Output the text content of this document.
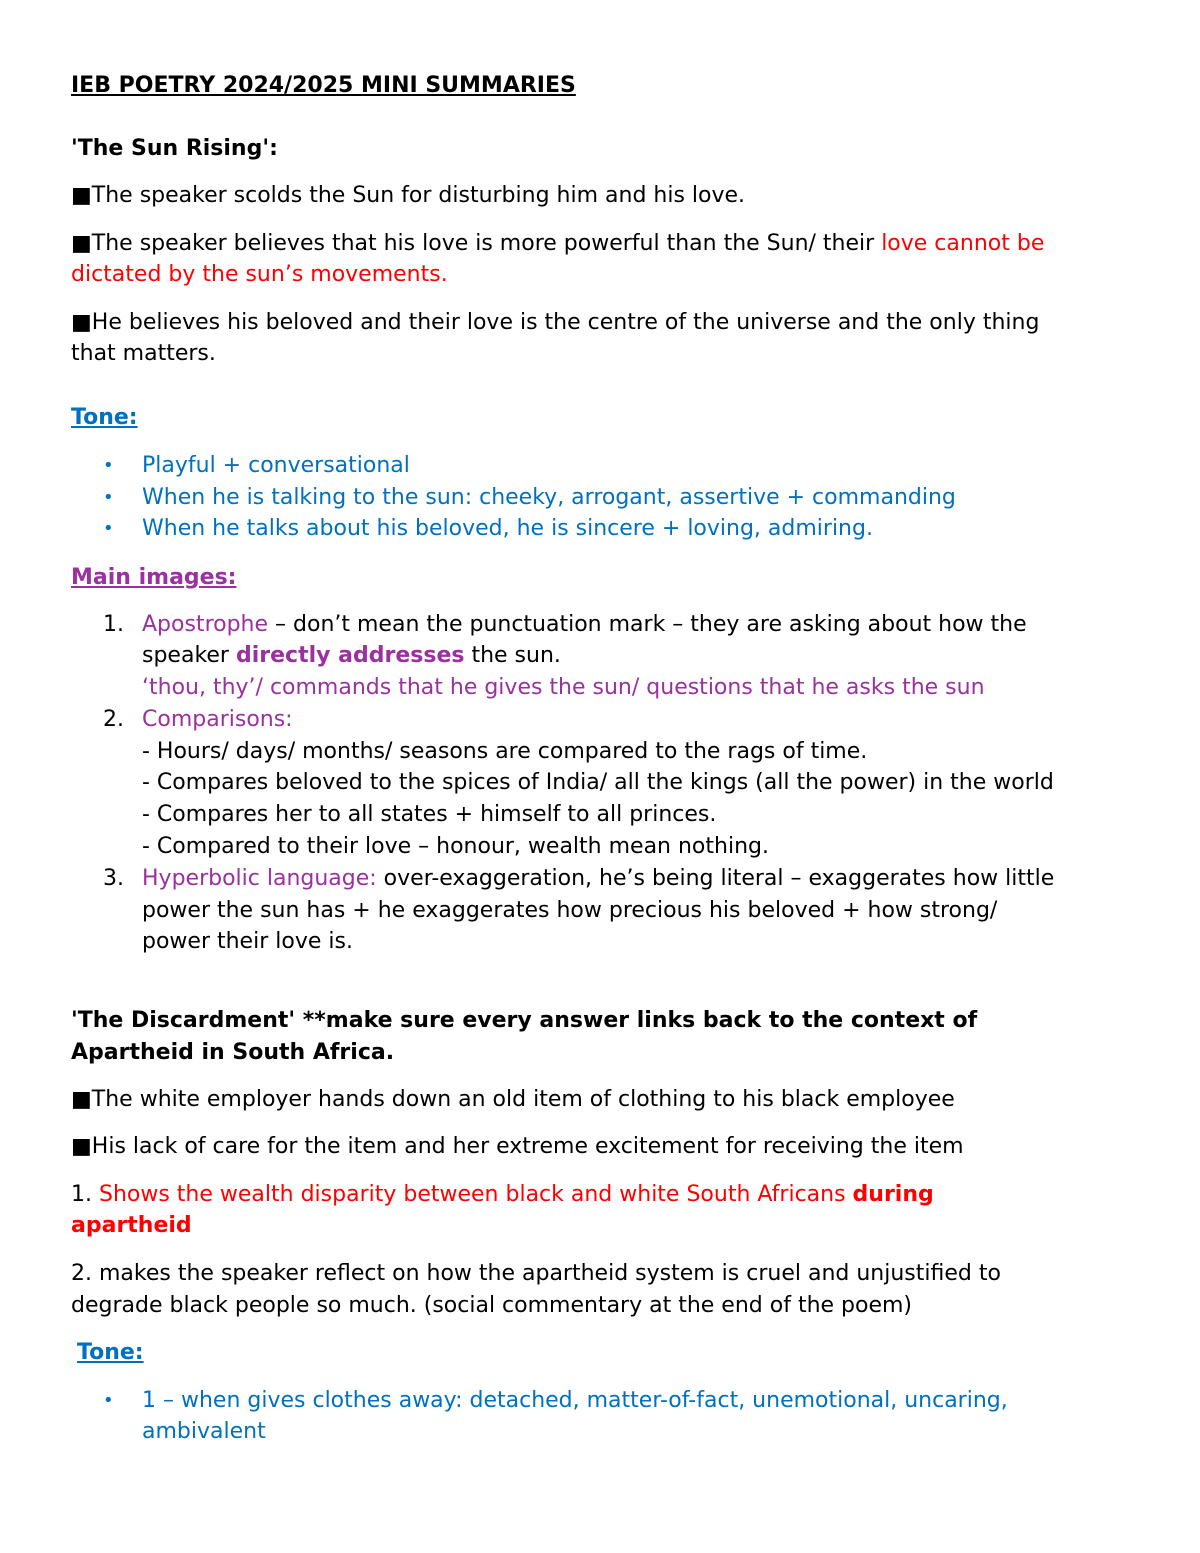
IEB POETRY 2024/2025 MINI SUMMARIES
'The Sun Rising':
■The speaker scolds the Sun for disturbing him and his love.
■The speaker believes that his love is more powerful than the Sun/ their love cannot be
dictated by the sun’s movements.
■He believes his beloved and their love is the centre of the universe and the only thing
that matters.
Tone:
• Playful + conversational
• When he is talking to the sun: cheeky, arrogant, assertive + commanding
• When he talks about his beloved, he is sincere + loving, admiring.
Main images:
1. Apostrophe – don’t mean the punctuation mark – they are asking about how the
speaker directly addresses the sun.
‘thou, thy’/ commands that he gives the sun/ questions that he asks the sun
2. Comparisons:
- Hours/ days/ months/ seasons are compared to the rags of time.
- Compares beloved to the spices of India/ all the kings (all the power) in the world
- Compares her to all states + himself to all princes.
- Compared to their love – honour, wealth mean nothing.
3. Hyperbolic language: over-exaggeration, he’s being literal – exaggerates how little
power the sun has + he exaggerates how precious his beloved + how strong/
power their love is.
'The Discardment' **make sure every answer links back to the context of
Apartheid in South Africa.
■The white employer hands down an old item of clothing to his black employee
■His lack of care for the item and her extreme excitement for receiving the item
1. Shows the wealth disparity between black and white South Africans during
apartheid
2. makes the speaker reflect on how the apartheid system is cruel and unjustified to
degrade black people so much. (social commentary at the end of the poem)
Tone:
• 1 – when gives clothes away: detached, matter-of-fact, unemotional, uncaring,
ambivalent
